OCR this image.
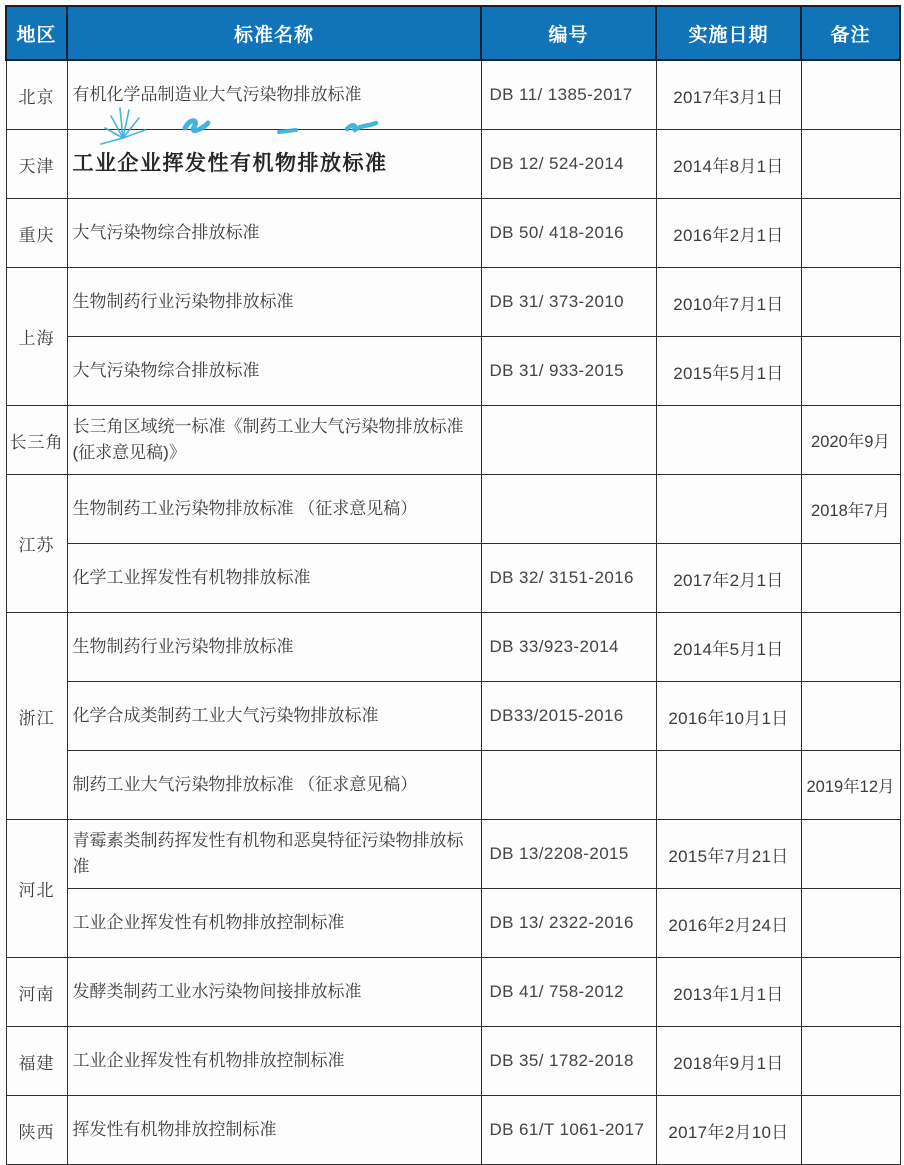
地区	标准名称	编号	实施日期	备注
北京	有机化学品制造业大气污染物排放标准	DB 11/ 1385-2017	2017年3月1日	
天津	工业企业挥发性有机物排放标准	DB 12/ 524-2014	2014年8月1日	
重庆	大气污染物综合排放标准	DB 50/ 418-2016	2016年2月1日	
上海	生物制药行业污染物排放标准	DB 31/ 373-2010	2010年7月1日	
	大气污染物综合排放标准	DB 31/ 933-2015	2015年5月1日	
长三角	长三角区域统一标准《制药工业大气污染物排放标准(征求意见稿)》			2020年9月
江苏	生物制药工业污染物排放标准 （征求意见稿）			2018年7月
	化学工业挥发性有机物排放标准	DB 32/ 3151-2016	2017年2月1日	
浙江	生物制药行业污染物排放标准	DB 33/923-2014	2014年5月1日	
	化学合成类制药工业大气污染物排放标准	DB33/2015-2016	2016年10月1日	
	制药工业大气污染物排放标准 （征求意见稿）			2019年12月
河北	青霉素类制药挥发性有机物和恶臭特征污染物排放标准	DB 13/2208-2015	2015年7月21日	
	工业企业挥发性有机物排放控制标准	DB 13/ 2322-2016	2016年2月24日	
河南	发酵类制药工业水污染物间接排放标准	DB 41/ 758-2012	2013年1月1日	
福建	工业企业挥发性有机物排放控制标准	DB 35/ 1782-2018	2018年9月1日	
陕西	挥发性有机物排放控制标准	DB 61/T 1061-2017	2017年2月10日	
